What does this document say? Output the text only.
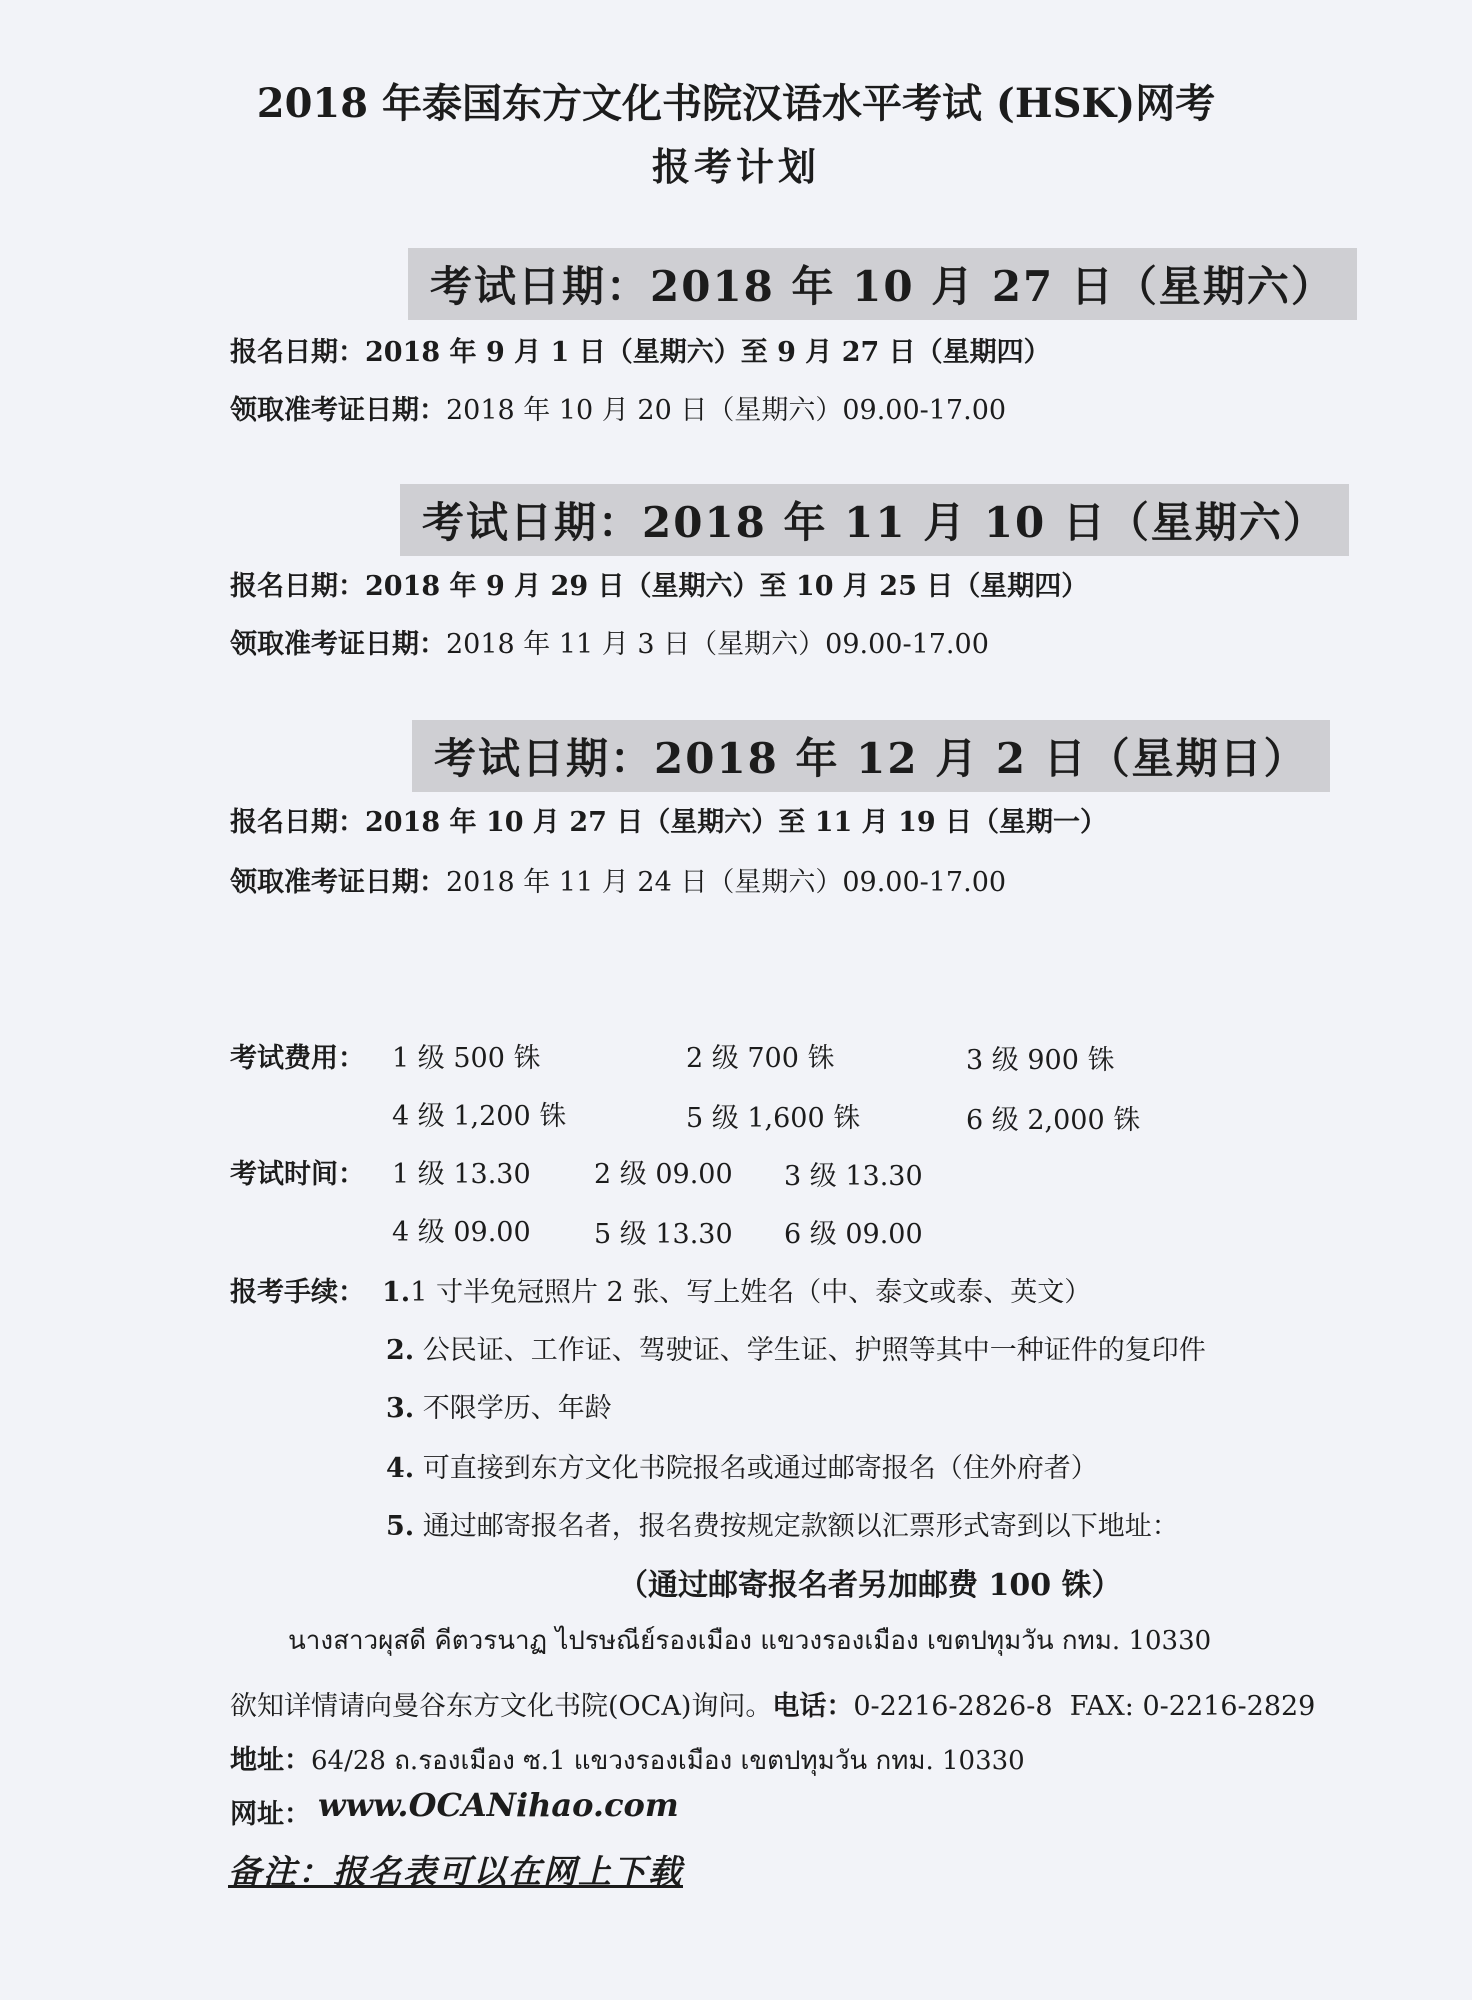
2018 年泰国东方文化书院汉语水平考试 (HSK)网考
报考计划
考试日期：2018 年 10 月 27 日（星期六）
报名日期：2018 年 9 月 1 日（星期六）至 9 月 27 日（星期四）
领取准考证日期：2018 年 10 月 20 日（星期六）09.00-17.00
考试日期：2018 年 11 月 10 日（星期六）
报名日期：2018 年 9 月 29 日（星期六）至 10 月 25 日（星期四）
领取准考证日期：2018 年 11 月 3 日（星期六）09.00-17.00
考试日期：2018 年 12 月 2 日（星期日）
报名日期：2018 年 10 月 27 日（星期六）至 11 月 19 日（星期一）
领取准考证日期：2018 年 11 月 24 日（星期六）09.00-17.00
考试费用： 1 级 500 铢	2 级 700 铢	3 级 900 铢
4 级 1,200 铢	5 级 1,600 铢	6 级 2,000 铢
考试时间： 1 级 13.30 2 级 09.00 3 级 13.30
4 级 09.00 5 级 13.30 6 级 09.00
报考手续： 1.1 寸半免冠照片 2 张、写上姓名（中、泰文或泰、英文）
2. 公民证、工作证、驾驶证、学生证、护照等其中一种证件的复印件
3. 不限学历、年龄
4. 可直接到东方文化书院报名或通过邮寄报名（住外府者）
5. 通过邮寄报名者，报名费按规定款额以汇票形式寄到以下地址：
（通过邮寄报名者另加邮费 100 铢）
นางสาวผุสดี คีตวรนาฏ ไปรษณีย์รองเมือง แขวงรองเมือง เขตปทุมวัน กทม. 10330
欲知详情请向曼谷东方文化书院(OCA)询问。电话：0-2216-2826-8 FAX: 0-2216-2829
地址：64/28 ถ.รองเมือง ซ.1 แขวงรองเมือง เขตปทุมวัน กทม. 10330
网址： www.OCANihao.com
备注：报名表可以在网上下载
